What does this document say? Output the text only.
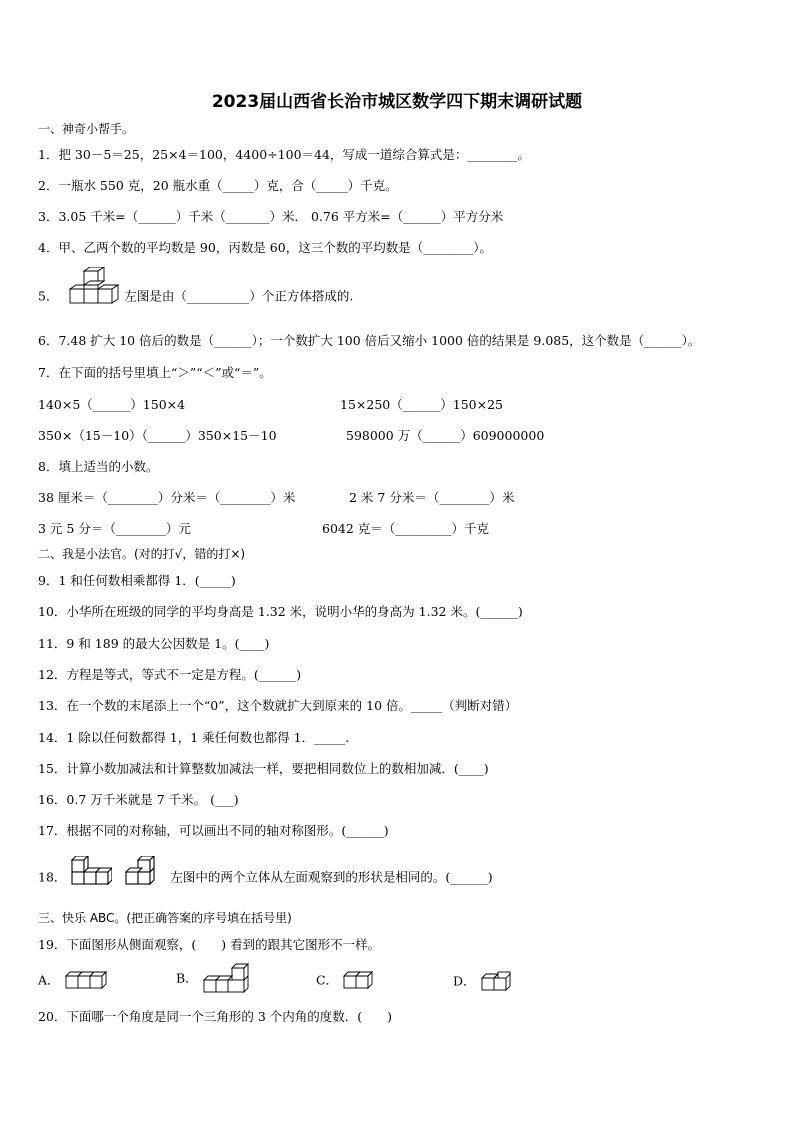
2023届山西省长治市城区数学四下期末调研试题
一、神奇小帮手。
1．把 30－5＝25，25×4＝100，4400÷100＝44，写成一道综合算式是：________。
2．一瓶水 550 克，20 瓶水重（_____）克，合（_____）千克。
3．3.05 千米=（______）千米（_______）米． 0.76 平方米=（______）平方分米
4．甲、乙两个数的平均数是 90，丙数是 60，这三个数的平均数是（________）。
5．	左图是由（__________）个正方体搭成的.
6．7.48 扩大 10 倍后的数是（______）；一个数扩大 100 倍后又缩小 1000 倍的结果是 9.085，这个数是（______）。
7．在下面的括号里填上“＞”“＜”或“＝”。
140×5（______）150×4	15×250（______）150×25
350×（15－10）（______）350×15－10	598000 万（______）609000000
8．填上适当的小数。
38 厘米＝（________）分米＝（________）米	2 米 7 分米＝（________）米
3 元 5 分＝（________）元	6042 克＝（_________）千克
二、我是小法官。(对的打√，错的打×)
9．1 和任何数相乘都得 1．(_____)
10．小华所在班级的同学的平均身高是 1.32 米，说明小华的身高为 1.32 米。(______)
11．9 和 189 的最大公因数是 1。(____)
12．方程是等式，等式不一定是方程。(______)
13．在一个数的末尾添上一个“0”，这个数就扩大到原来的 10 倍。_____（判断对错）
14．1 除以任何数都得 1，1 乘任何数也都得 1．_____.
15．计算小数加减法和计算整数加减法一样，要把相同数位上的数相加减．(____)
16．0.7 万千米就是 7 千米。 (___)
17．根据不同的对称轴，可以画出不同的轴对称图形。(______)
18．	左图中的两个立体从左面观察到的形状是相同的。(______)
三、快乐 ABC。(把正确答案的序号填在括号里)
19．下面图形从侧面观察，(　　) 看到的跟其它图形不一样。
A．	B．	C．	D．
20．下面哪一个角度是同一个三角形的 3 个内角的度数．(　　)
